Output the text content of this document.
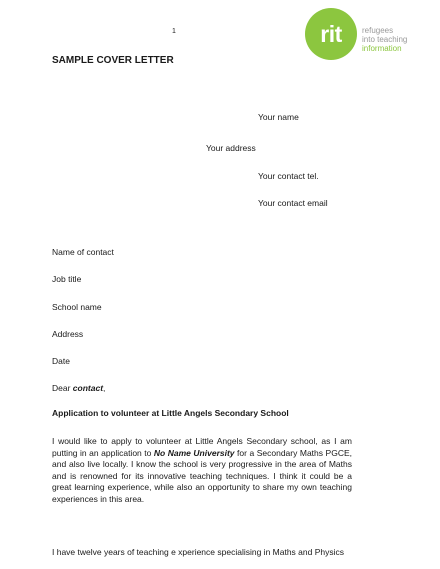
1	rit	refugees
into teaching
information
SAMPLE COVER LETTER
Your name
Your address
Your contact tel.
Your contact email
Name of contact
Job title
School name
Address
Date
Dear contact,
Application to volunteer at Little Angels Secondary School
I would like to apply to volunteer at Little Angels Secondary school, as I am putting in an application to No Name University for a Secondary Maths PGCE, and also live locally. I know the school is very progressive in the area of Maths and is renowned for its innovative teaching techniques. I think it could be a great learning experience, while also an opportunity to share my own teaching experiences in this area.
I have twelve years of teaching e xperience specialising in Maths and Physics
